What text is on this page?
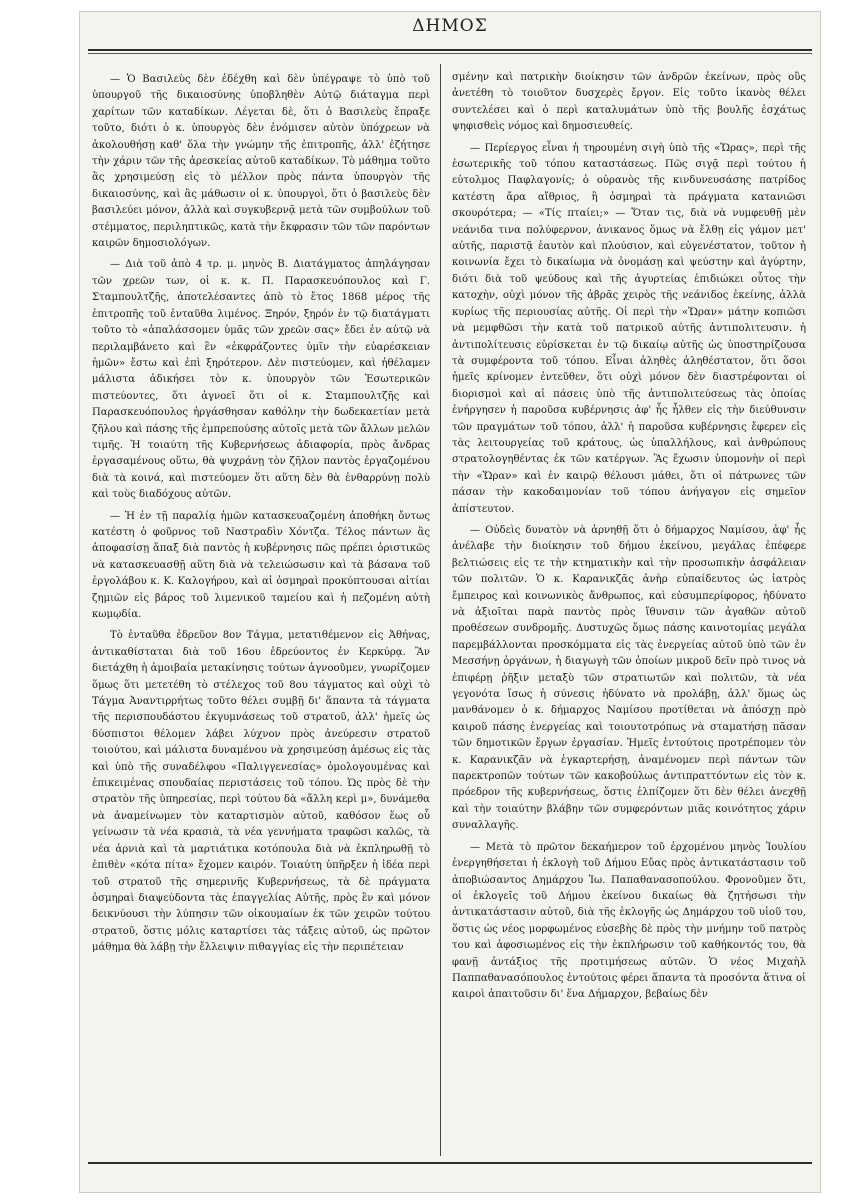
ΔΗΜΟΣ

— Ὁ Βασιλεὺς δὲν ἐδέχθη καὶ δὲν ὑπέγραψε τὸ ὑπὸ τοῦ ὑπουργοῦ τῆς δικαιοσύνης ὑποβληθὲν Αὐτῷ διάταγμα περὶ χαρίτων τῶν καταδίκων. Λέγεται δὲ, ὅτι ὁ Βασιλεὺς ἔπραξε τοῦτο, διότι ὁ κ. ὑπουργὸς δὲν ἐνόμισεν αὐτὸν ὑπόχρεων νὰ ἀκολουθήσῃ καθ' ὅλα τὴν γνώμην τῆς ἐπιτροπῆς, ἀλλ' ἐζήτησε τὴν χάριν τῶν τῆς ἀρεσκείας αὐτοῦ καταδίκων. Τὸ μάθημα τοῦτο ἂς χρησιμεύσῃ εἰς τὸ μέλλον πρὸς πάντα ὑπουργὸν τῆς δικαιοσύνης, καὶ ἂς μάθωσιν οἱ κ. ὑπουργοὶ, ὅτι ὁ βασιλεὺς δὲν βασιλεύει μόνον, ἀλλὰ καὶ συγκυβερνᾷ μετὰ τῶν συμβούλων τοῦ στέμματος, περιληπτικῶς, κατὰ τὴν ἔκφρασιν τῶν τῶν παρόντων καιρῶν δημοσιολόγων.

— Διὰ τοῦ ἀπὸ 4 τρ. μ. μηνὸς Β. Διατάγματος ἀπηλάγησαν τῶν χρεῶν των, οἱ κ. κ. Π. Παρασκευόπουλος καὶ Γ. Σταμπουλτζῆς, ἀποτελέσαντες ἀπὸ τὸ ἔτος 1868 μέρος τῆς ἐπιτροπῆς τοῦ ἐνταῦθα λιμένος. Ξηρόν, ξηρόν ἐν τῷ διατάγματι τοῦτο τὸ «ἀπαλάσσομεν ὑμᾶς τῶν χρεῶν σας» ἔδει ἐν αὐτῷ νὰ περιλαμβάνετο καὶ ἓν «ἐκφράζοντες ὑμῖν τὴν εὐαρέσκειαν ἡμῶν» ἔστω καὶ ἐπὶ ξηρότερον. Δὲν πιστεύομεν, καὶ ἠθέλαμεν μάλιστα ἀδικήσει τὸν κ. ὑπουργὸν τῶν Ἐσωτερικῶν πιστεύοντες, ὅτι ἀγνοεῖ ὅτι οἱ κ. Σταμπουλτζῆς καὶ Παρασκευόπουλος ἠργάσθησαν καθόλην τὴν δωδεκαετίαν μετὰ ζῆλου καὶ πάσης τῆς ἐμπρεπούσης αὐτοῖς μετὰ τῶν ἄλλων μελῶν τιμῆς. Ἡ τοιαύτη τῆς Κυβερνήσεως ἀδιαφορία, πρὸς ἄνδρας ἐργασαμένους οὕτω, θὰ ψυχράνῃ τὸν ζῆλον παντὸς ἐργαζομένου διὰ τὰ κοινά, καὶ πιστεύομεν ὅτι αὕτη δὲν θὰ ἐνθαρρύνῃ πολὺ καὶ τοὺς διαδόχους αὐτῶν.

— Ἡ ἐν τῇ παραλίᾳ ἡμῶν κατασκευαζομένη ἀποθήκη ὄντως κατέστη ὁ φοῦρνος τοῦ Ναστραδὶν Χόντζα. Τέλος πάντων ἂς ἀποφασίσῃ ἅπαξ διὰ παντὸς ἡ κυβέρνησις πῶς πρέπει ὁριστικῶς νὰ κατασκευασθῇ αὕτη διὰ νὰ τελειώσωσιν καὶ τὰ βάσανα τοῦ ἐργολάβου κ. Κ. Καλογήρου, καὶ αἱ ὀσμηραὶ προκύπτουσαι αἰτίαι ζημιῶν εἰς βάρος τοῦ λιμενικοῦ ταμείου καὶ ἡ πεζομένη αὐτὴ κωμῳδία.

Τὸ ἐνταῦθα ἐδρεῦον 8ον Τάγμα, μετατιθέμενον εἰς Ἀθήνας, ἀντικαθίσταται διὰ τοῦ 16ου ἐδρεύοντος ἐν Κερκύρᾳ. Ἂν διετάχθη ἡ ἀμοιβαία μετακίνησις τούτων ἀγνοοῦμεν, γνωρίζομεν ὅμως ὅτι μετετέθη τὸ στέλεχος τοῦ 8ου τάγματος καὶ οὐχὶ τὸ Τάγμα Ἀναντιρρήτως τοῦτο θέλει συμβῇ δι' ἅπαντα τὰ τάγματα τῆς περισπουδάστου ἐκγυμνάσεως τοῦ στρατοῦ, ἀλλ' ἡμεῖς ὡς δύσπιστοι θέλομεν λάβει λύχνον πρὸς ἀνεύρεσιν στρατοῦ τοιούτου, καὶ μάλιστα δυναμένου νὰ χρησιμεύσῃ ἀμέσως εἰς τὰς καὶ ὑπὸ τῆς συναδέλφου «Παλιγγενεσίας» ὁμολογουμένας καὶ ἐπικειμένας σπουδαίας περιστάσεις τοῦ τόπου. Ὡς πρὸς δὲ τὴν στρατὸν τῆς ὑπηρεσίας, περὶ τούτου δὰ «ἄλλη κερὶ μ», δυνάμεθα νὰ ἀναμείνωμεν τὸν καταρτισμὸν αὐτοῦ, καθόσον ἕως οὗ γείνωσιν τὰ νέα κρασιὰ, τὰ νέα γεννήματα τραφῶσι καλῶς, τὰ νέα ἀρνιὰ καὶ τὰ μαρτιάτικα κοτόπουλα διὰ νὰ ἐκπληρωθῇ τὸ ἐπιθὲν «κότα πίτα» ἔχομεν καιρόν. Τοιαύτη ὑπῆρξεν ἡ ἰδέα περὶ τοῦ στρατοῦ τῆς σημερινῆς Κυβερνήσεως, τὰ δὲ πράγματα ὀσμηραὶ διαψεύδοντα τὰς ἐπαγγελίας Αὐτῆς, πρὸς ἓν καὶ μόνον δεικνύουσι τὴν λύπησιν τῶν οἰκουμαίων ἐκ τῶν χειρῶν τούτου στρατοῦ, ὅστις μόλις καταρτίσει τὰς τάξεις αὐτοῦ, ὡς πρῶτον μάθημα θὰ λάβῃ τὴν ἔλλειψιν πιθαγγίας εἰς τὴν περιπέτειαν

σμένην καὶ πατρικὴν διοίκησιν τῶν ἀνδρῶν ἐκείνων, πρὸς οὓς ἀνετέθη τὸ τοιοῦτον δυσχερὲς ἔργον. Εἰς τοῦτο ἱκανὸς θέλει συντελέσει καὶ ὁ περὶ καταλυμάτων ὑπὸ τῆς βουλῆς ἐσχάτως ψηφισθεὶς νόμος καὶ δημοσιευθείς.

— Περίεργος εἶναι ἡ τηρουμένη σιγὴ ὑπὸ τῆς «Ὥρας», περὶ τῆς ἐσωτερικῆς τοῦ τόπου καταστάσεως. Πῶς σιγᾷ περὶ τούτου ἡ εὐτολμος Παφλαγονίς; ὁ οὐρανὸς τῆς κινδυνευσάσης πατρίδος κατέστη ἄρα αἴθριος, ἢ ὀσμηραὶ τὰ πράγματα κατανιῶσι σκουρότερα; — «Τίς πταίει;» — Ὅταν τις, διὰ νὰ νυμφευθῇ μὲν νεάνιδα τινα πολύφερνον, ἀνικανος ὅμως νὰ ἔλθῃ εἰς γάμον μετ' αὐτῆς, παριστᾷ ἑαυτὸν καὶ πλούσιον, καὶ εὐγενέστατον, τοῦτον ἡ κοινωνία ἔχει τὸ δικαίωμα νὰ ὀνομάσῃ καὶ ψεύστην καὶ ἀγύρτην, διότι διὰ τοῦ ψεύδους καὶ τῆς ἀγυρτείας ἐπιδιώκει οὗτος τὴν κατοχὴν, οὐχὶ μόνον τῆς ἀβρᾶς χειρὸς τῆς νεάνιδος ἐκείνης, ἀλλὰ κυρίως τῆς περιουσίας αὐτῆς. Οἱ περὶ τὴν «Ὥραν» μάτην κοπιῶσι νὰ μεμφθῶσι τὴν κατὰ τοῦ πατρικοῦ αὐτῆς ἀντιπολιτευσιν. ἡ ἀντιπολίτευσις εὑρίσκεται ἐν τῷ δικαίῳ αὐτῆς ὡς ὑποστηρίζουσα τὰ συμφέροντα τοῦ τόπου. Εἶναι ἀληθὲς ἀληθέστατον, ὅτι ὅσοι ἡμεῖς κρίνομεν ἐντεῦθεν, ὅτι οὐχὶ μόνον δὲν διαστρέφονται οἱ διορισμοὶ καὶ αἱ πάσεις ὑπὸ τῆς ἀντιπολιτεύσεως τὰς ὁποίας ἐνήργησεν ἡ παροῦσα κυβέρνησις ἀφ' ἧς ἦλθεν εἰς τὴν διεύθυνσιν τῶν πραγμάτων τοῦ τόπου, ἀλλ' ἡ παροῦσα κυβέρνησις ἔφερεν εἰς τὰς λειτουργείας τοῦ κράτους, ὡς ὑπαλλήλους, καὶ ἀνθρώπους στρατολογηθέντας ἐκ τῶν κατέργων. Ἂς ἔχωσιν ὑπομονὴν οἱ περὶ τὴν «Ὥραν» καὶ ἐν καιρῷ θέλουσι μάθει, ὅτι οἱ πάτρωνες τῶν πάσαν τὴν κακοδαιμονίαν τοῦ τόπου ἀνήγαγον εἰς σημεῖον ἀπίστευτον.

— Οὐδεὶς δυνατὸν νὰ ἀρνηθῇ ὅτι ὁ δήμαρχος Ναμίσου, ἀφ' ἧς ἀνέλαβε τὴν διοίκησιν τοῦ δήμου ἐκείνου, μεγάλας ἐπέφερε βελτιώσεις εἰς τε τὴν κτηματικὴν καὶ τὴν προσωπικὴν ἀσφάλειαν τῶν πολιτῶν. Ὁ κ. Καρανικζᾶς ἀνὴρ εὐπαίδευτος ὡς ἰατρὸς ἔμπειρος καὶ κοινωνικὸς ἄνθρωπος, καὶ εὐσυμπερίφορος, ἠδύνατο νὰ ἀξιοῖται παρὰ παντὸς πρὸς ἴθυνσιν τῶν ἀγαθῶν αὐτοῦ προθέσεων συνδρομῆς. Δυστυχῶς ὅμως πάσης καινοτομίας μεγάλα παρεμβάλλονται προσκόμματα εἰς τὰς ἐνεργείας αὐτοῦ ὑπὸ τῶν ἐν Μεσσήνῃ ὀργάνων, ἡ διαγωγὴ τῶν ὁποίων μικροῦ δεῖν πρὸ τινος νὰ ἐπιφέρῃ ῥῆξιν μεταξὺ τῶν στρατιωτῶν καὶ πολιτῶν, τὰ νέα γεγονότα ἴσως ἡ σύνεσις ἠδύνατο νὰ προλάβῃ, ἀλλ' ὅμως ὡς μανθάνομεν ὁ κ. δήμαρχος Ναμίσου προτίθεται νὰ ἀπόσχῃ πρὸ καιροῦ πάσης ἐνεργείας καὶ τοιουτοτρόπως νὰ σταματήσῃ πᾶσαν τῶν δημοτικῶν ἔργων ἐργασίαν. Ἡμεῖς ἐντούτοις προτρέπομεν τὸν κ. Καρανικζᾶν νὰ ἐγκαρτερήσῃ, ἀναμένομεν περὶ πάντων τῶν παρεκτροπῶν τούτων τῶν κακοβούλως ἀντιπραττόντων εἰς τὸν κ. πρόεδρον τῆς κυβερνήσεως, ὅστις ἐλπίζομεν ὅτι δὲν θέλει ἀνεχθῇ καὶ τὴν τοιαύτην βλάβην τῶν συμφερόντων μιᾶς κοινότητος χάριν συναλλαγῆς.

— Μετὰ τὸ πρῶτον δεκαήμερον τοῦ ἐρχομένου μηνὸς Ἰουλίου ἐνεργηθήσεται ἡ ἐκλογὴ τοῦ Δήμου Εὔας πρὸς ἀντικατάστασιν τοῦ ἀποβιώσαντος Δημάρχου Ἰω. Παπαθανασοπούλου. Φρονοῦμεν ὅτι, οἱ ἐκλογεῖς τοῦ Δήμου ἐκείνου δικαίως θὰ ζητήσωσι τὴν ἀντικατάστασιν αὐτοῦ, διὰ τῆς ἐκλογῆς ὡς Δημάρχου τοῦ υἱοῦ του, ὅστις ὡς νέος μορφωμένος εὐσεβὴς δὲ πρὸς τὴν μνήμην τοῦ πατρὸς του καὶ ἀφοσιωμένος εἰς τὴν ἐκπλήρωσιν τοῦ καθήκοντός του, θὰ φανῇ ἀντάξιος τῆς προτιμήσεως αὐτῶν. Ὁ νέος Μιχαὴλ Παππαθανασόπουλος ἐντούτοις φέρει ἅπαντα τὰ προσόντα ἅτινα οἱ καιροὶ ἀπαιτοῦσιν δι' ἕνα Δήμαρχον, βεβαίως δὲν
